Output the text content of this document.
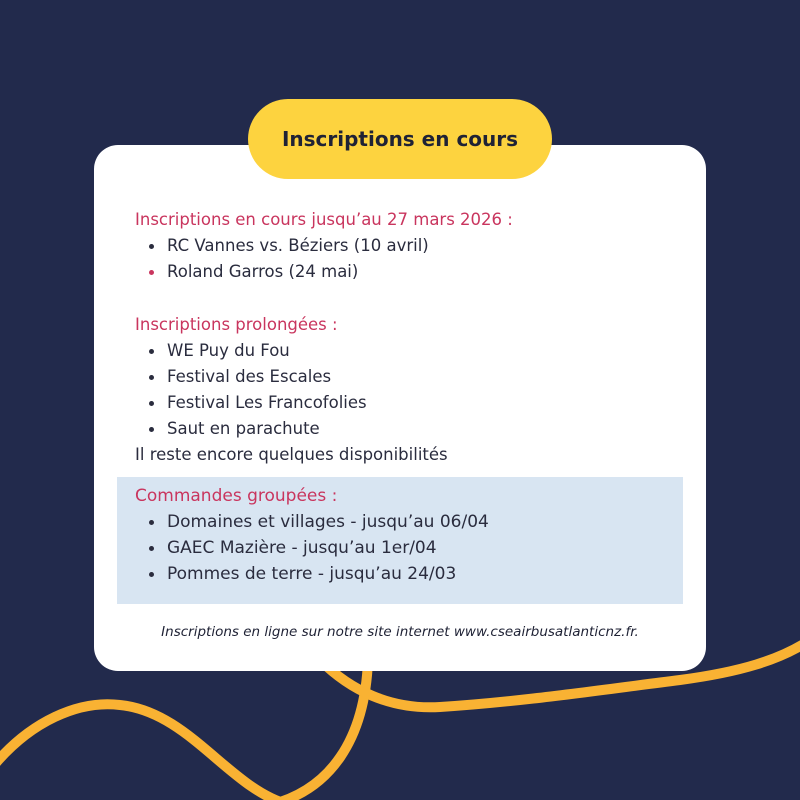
Inscriptions en cours
Inscriptions en cours jusqu’au 27 mars 2026 :
RC Vannes vs. Béziers (10 avril)
Roland Garros (24 mai)
Inscriptions prolongées :
WE Puy du Fou
Festival des Escales
Festival Les Francofolies
Saut en parachute
Il reste encore quelques disponibilités
Commandes groupées :
Domaines et villages - jusqu’au 06/04
GAEC Mazière - jusqu’au 1er/04
Pommes de terre - jusqu’au 24/03
Inscriptions en ligne sur notre site internet www.cseairbusatlanticnz.fr.
